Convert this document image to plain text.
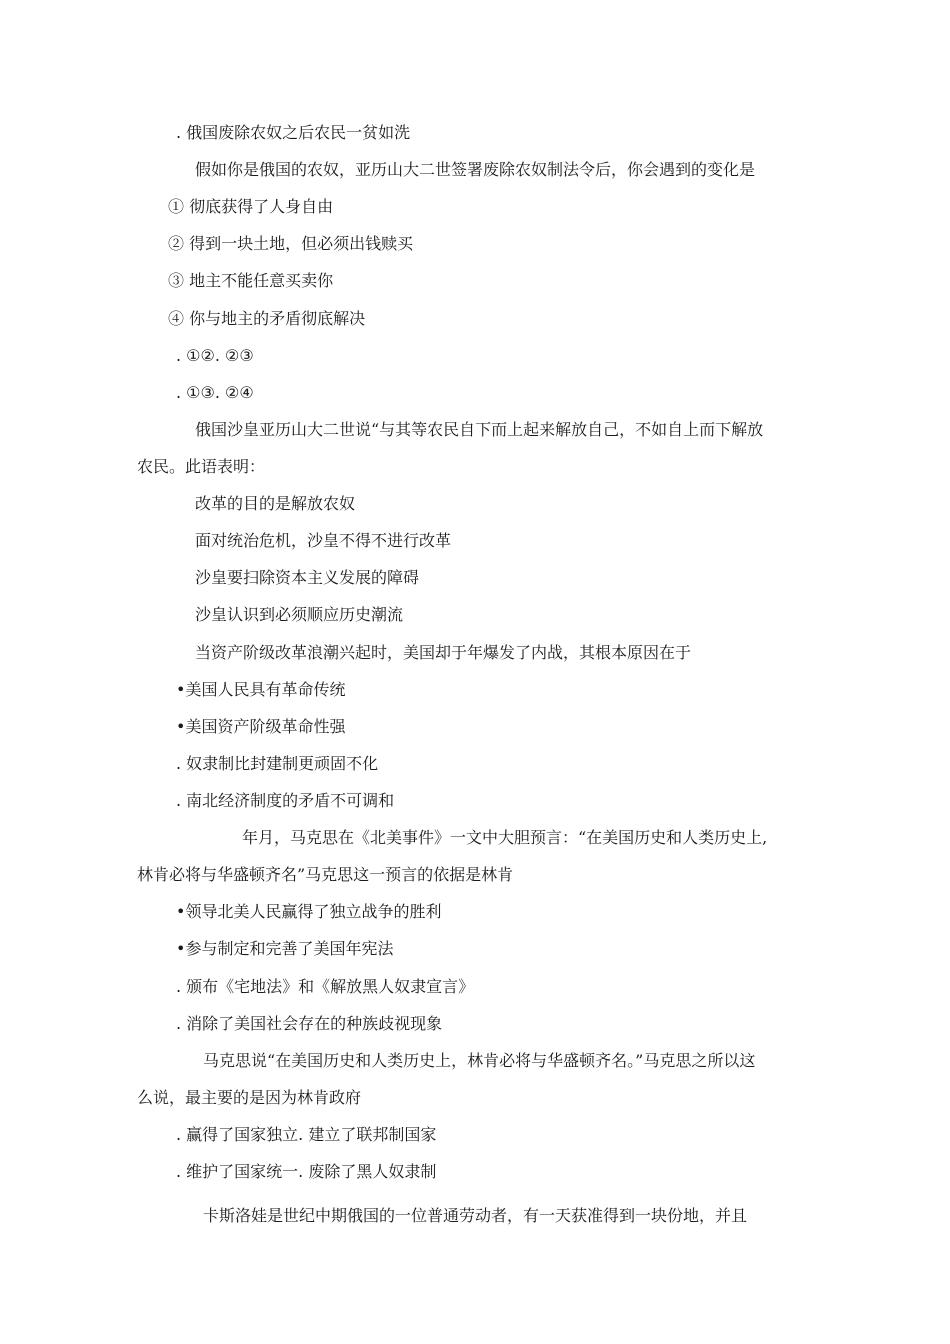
. 俄国废除农奴之后农民一贫如洗
假如你是俄国的农奴，亚历山大二世签署废除农奴制法令后，你会遇到的变化是
① 彻底获得了人身自由
② 得到一块土地，但必须出钱赎买
③ 地主不能任意买卖你
④ 你与地主的矛盾彻底解决
. ①②. ②③
. ①③. ②④
俄国沙皇亚历山大二世说“与其等农民自下而上起来解放自己，不如自上而下解放
农民。此语表明：
改革的目的是解放农奴
面对统治危机，沙皇不得不进行改革
沙皇要扫除资本主义发展的障碍
沙皇认识到必须顺应历史潮流
当资产阶级改革浪潮兴起时，美国却于年爆发了内战，其根本原因在于
•美国人民具有革命传统
•美国资产阶级革命性强
. 奴隶制比封建制更顽固不化
. 南北经济制度的矛盾不可调和
年月，马克思在《北美事件》一文中大胆预言：“在美国历史和人类历史上,
林肯必将与华盛顿齐名”马克思这一预言的依据是林肯
•领导北美人民赢得了独立战争的胜利
•参与制定和完善了美国年宪法
. 颁布《宅地法》和《解放黑人奴隶宣言》
. 消除了美国社会存在的种族歧视现象
马克思说“在美国历史和人类历史上，林肯必将与华盛顿齐名。”马克思之所以这
么说，最主要的是因为林肯政府
. 赢得了国家独立. 建立了联邦制国家
. 维护了国家统一. 废除了黑人奴隶制
卡斯洛娃是世纪中期俄国的一位普通劳动者，有一天获准得到一块份地，并且
